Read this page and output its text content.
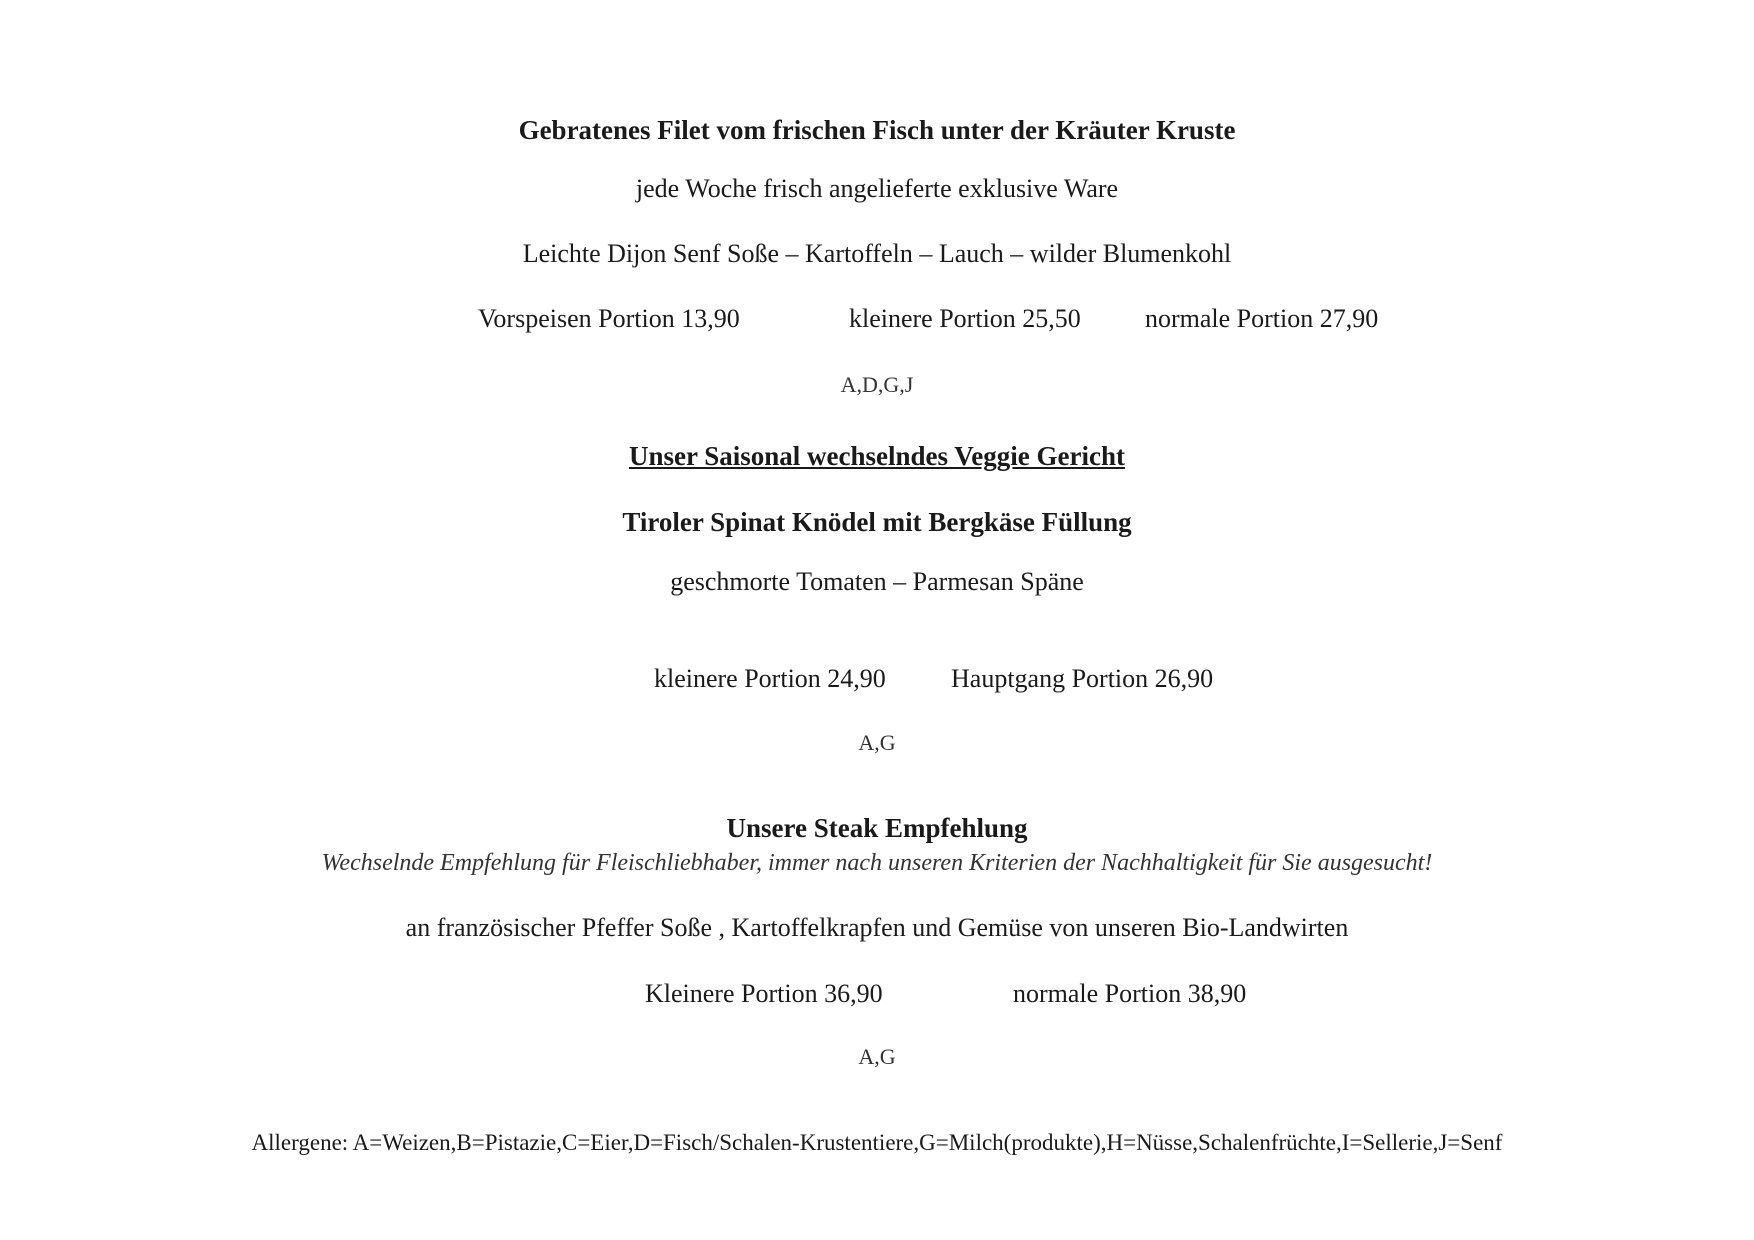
Gebratenes Filet vom frischen Fisch unter der Kräuter Kruste
jede Woche frisch angelieferte exklusive Ware
Leichte Dijon Senf Soße – Kartoffeln – Lauch – wilder Blumenkohl
Vorspeisen Portion 13,90	kleinere Portion 25,50 normale Portion 27,90
A,D,G,J
Unser Saisonal wechselndes Veggie Gericht
Tiroler Spinat Knödel mit Bergkäse Füllung
geschmorte Tomaten – Parmesan Späne
kleinere Portion 24,90	Hauptgang Portion 26,90
A,G
Unsere Steak Empfehlung
Wechselnde Empfehlung für Fleischliebhaber, immer nach unseren Kriterien der Nachhaltigkeit für Sie ausgesucht!
an französischer Pfeffer Soße , Kartoffelkrapfen und Gemüse von unseren Bio-Landwirten
Kleinere Portion 36,90	normale Portion 38,90
A,G
Allergene: A=Weizen,B=Pistazie,C=Eier,D=Fisch/Schalen-Krustentiere,G=Milch(produkte),H=Nüsse,Schalenfrüchte,I=Sellerie,J=Senf
